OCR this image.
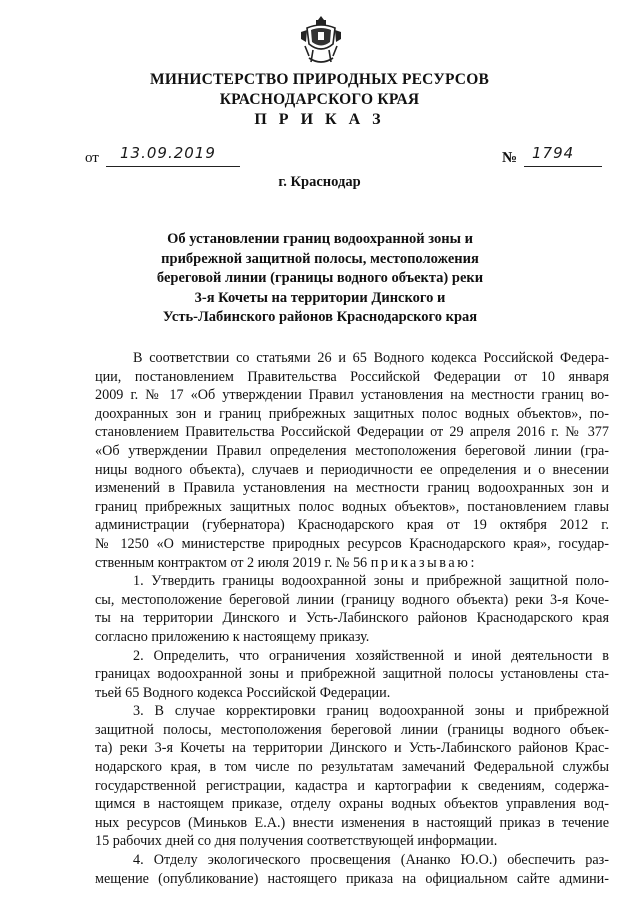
МИНИСТЕРСТВО ПРИРОДНЫХ РЕСУРСОВ
КРАСНОДАРСКОГО КРАЯ
П Р И К А З
от 13.09.2019	№ 1794
г. Краснодар
Об установлении границ водоохранной зоны и
прибрежной защитной полосы, местоположения
береговой линии (границы водного объекта) реки
3-я Кочеты на территории Динского и
Усть-Лабинского районов Краснодарского края
В соответствии со статьями 26 и 65 Водного кодекса Российской Федера-
ции, постановлением Правительства Российской Федерации от 10 января
2009 г. № 17 «Об утверждении Правил установления на местности границ во-
доохранных зон и границ прибрежных защитных полос водных объектов», по-
становлением Правительства Российской Федерации от 29 апреля 2016 г. № 377
«Об утверждении Правил определения местоположения береговой линии (гра-
ницы водного объекта), случаев и периодичности ее определения и о внесении
изменений в Правила установления на местности границ водоохранных зон и
границ прибрежных защитных полос водных объектов», постановлением главы
администрации (губернатора) Краснодарского края от 19 октября 2012 г.
№ 1250 «О министерстве природных ресурсов Краснодарского края», государ-
ственным контрактом от 2 июля 2019 г. № 56 приказываю:
1. Утвердить границы водоохранной зоны и прибрежной защитной поло-
сы, местоположение береговой линии (границу водного объекта) реки 3-я Коче-
ты на территории Динского и Усть-Лабинского районов Краснодарского края
согласно приложению к настоящему приказу.
2. Определить, что ограничения хозяйственной и иной деятельности в
границах водоохранной зоны и прибрежной защитной полосы установлены ста-
тьей 65 Водного кодекса Российской Федерации.
3. В случае корректировки границ водоохранной зоны и прибрежной
защитной полосы, местоположения береговой линии (границы водного объек-
та) реки 3-я Кочеты на территории Динского и Усть-Лабинского районов Крас-
нодарского края, в том числе по результатам замечаний Федеральной службы
государственной регистрации, кадастра и картографии к сведениям, содержа-
щимся в настоящем приказе, отделу охраны водных объектов управления вод-
ных ресурсов (Миньков Е.А.) внести изменения в настоящий приказ в течение
15 рабочих дней со дня получения соответствующей информации.
4. Отделу экологического просвещения (Ананко Ю.О.) обеспечить раз-
мещение (опубликование) настоящего приказа на официальном сайте админи-
